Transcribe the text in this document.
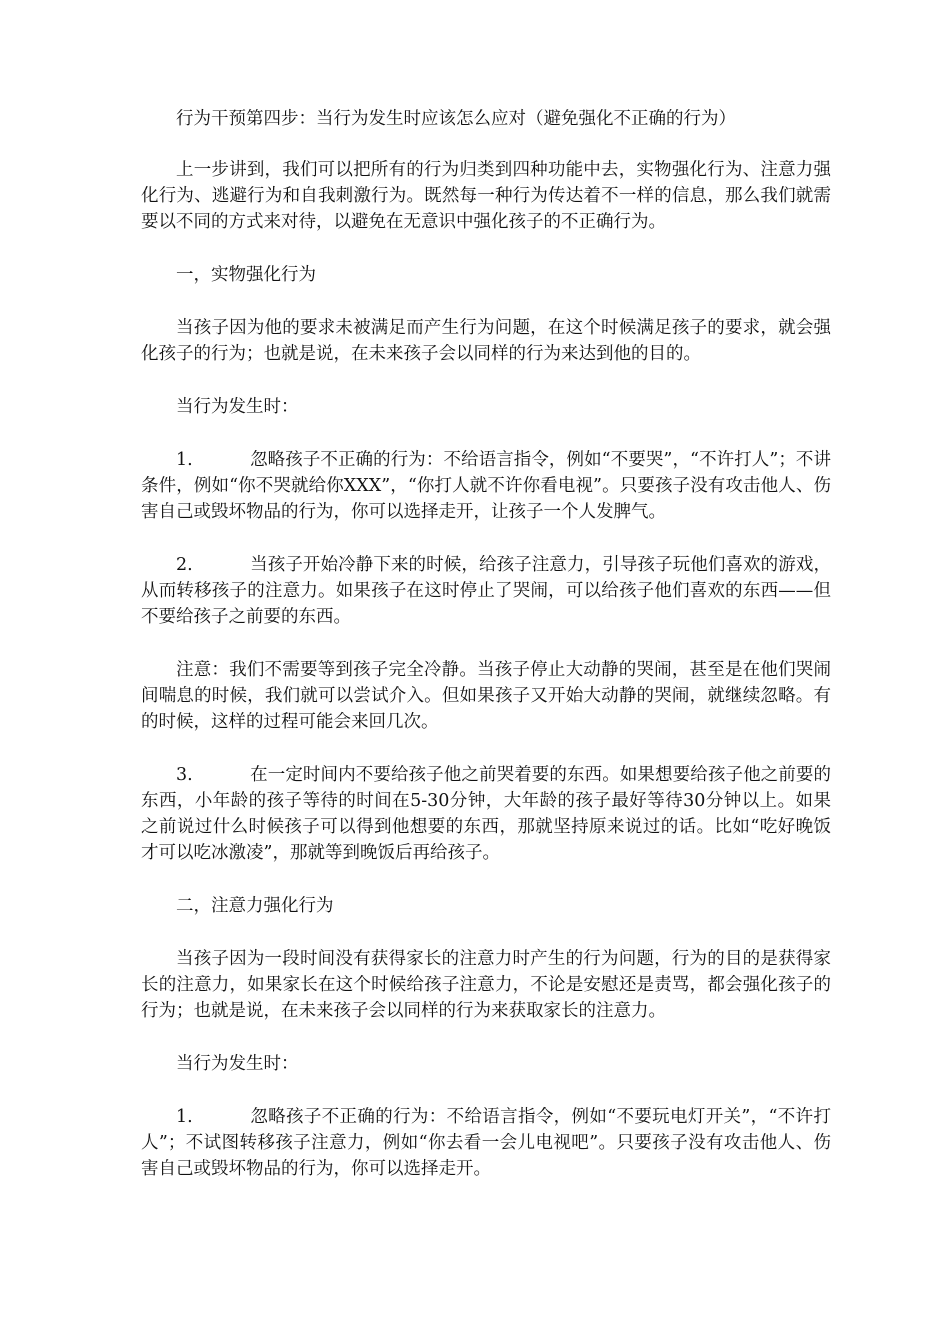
行为干预第四步：当行为发生时应该怎么应对（避免强化不正确的行为）

上一步讲到，我们可以把所有的行为归类到四种功能中去，实物强化行为、注意力强化行为、逃避行为和自我刺激行为。既然每一种行为传达着不一样的信息，那么我们就需要以不同的方式来对待，以避免在无意识中强化孩子的不正确行为。

一，实物强化行为

当孩子因为他的要求未被满足而产生行为问题，在这个时候满足孩子的要求，就会强化孩子的行为；也就是说，在未来孩子会以同样的行为来达到他的目的。

当行为发生时：

1.	忽略孩子不正确的行为：不给语言指令，例如“不要哭”，“不许打人”；不讲条件，例如“你不哭就给你XXX”，“你打人就不许你看电视”。只要孩子没有攻击他人、伤害自己或毁坏物品的行为，你可以选择走开，让孩子一个人发脾气。

2.	当孩子开始冷静下来的时候，给孩子注意力，引导孩子玩他们喜欢的游戏，从而转移孩子的注意力。如果孩子在这时停止了哭闹，可以给孩子他们喜欢的东西——但不要给孩子之前要的东西。

注意：我们不需要等到孩子完全冷静。当孩子停止大动静的哭闹，甚至是在他们哭闹间喘息的时候，我们就可以尝试介入。但如果孩子又开始大动静的哭闹，就继续忽略。有的时候，这样的过程可能会来回几次。

3.	在一定时间内不要给孩子他之前哭着要的东西。如果想要给孩子他之前要的东西，小年龄的孩子等待的时间在5-30分钟，大年龄的孩子最好等待30分钟以上。如果之前说过什么时候孩子可以得到他想要的东西，那就坚持原来说过的话。比如“吃好晚饭才可以吃冰激凌”，那就等到晚饭后再给孩子。

二，注意力强化行为

当孩子因为一段时间没有获得家长的注意力时产生的行为问题，行为的目的是获得家长的注意力，如果家长在这个时候给孩子注意力，不论是安慰还是责骂，都会强化孩子的行为；也就是说，在未来孩子会以同样的行为来获取家长的注意力。

当行为发生时：

1.	忽略孩子不正确的行为：不给语言指令，例如“不要玩电灯开关”，“不许打人”；不试图转移孩子注意力，例如“你去看一会儿电视吧”。只要孩子没有攻击他人、伤害自己或毁坏物品的行为，你可以选择走开。
